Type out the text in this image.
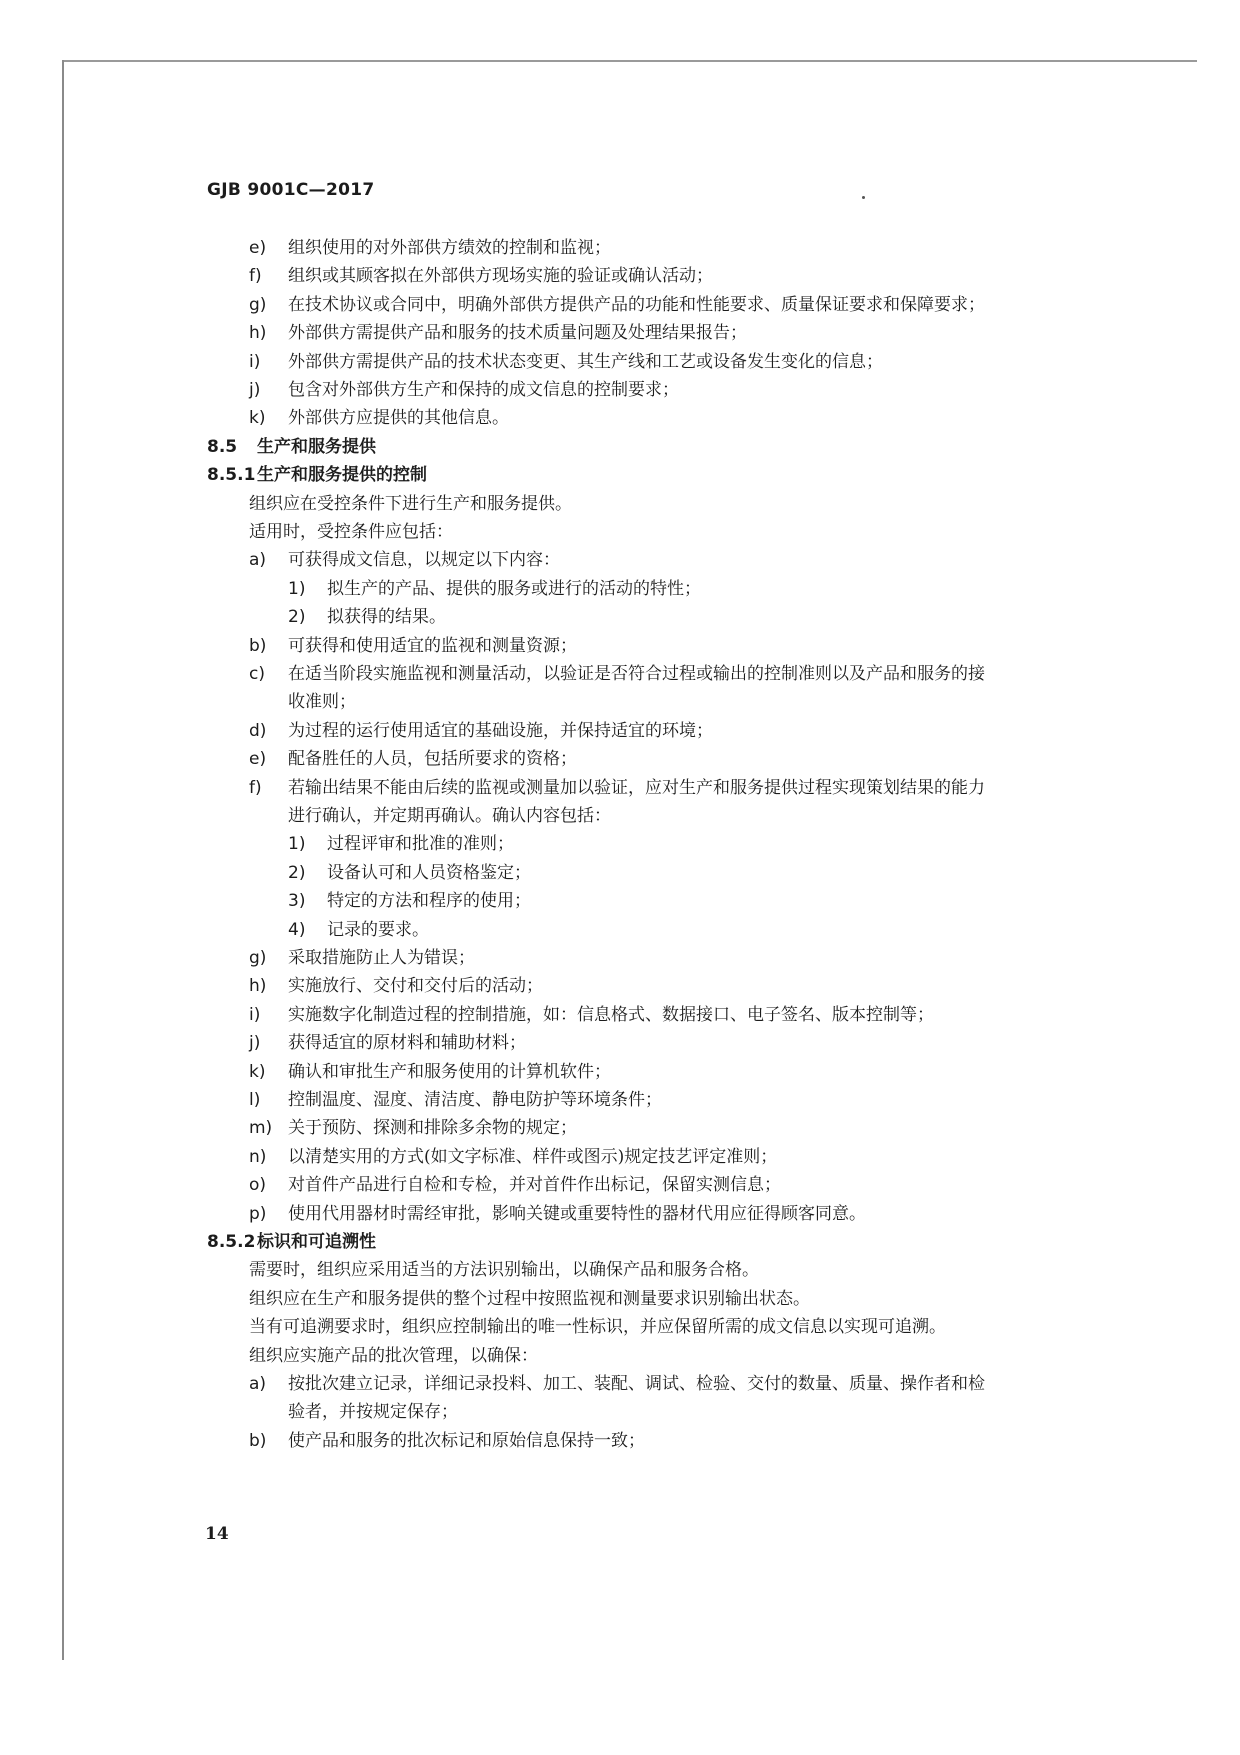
GJB 9001C—2017
e) 组织使用的对外部供方绩效的控制和监视；
f) 组织或其顾客拟在外部供方现场实施的验证或确认活动；
g) 在技术协议或合同中，明确外部供方提供产品的功能和性能要求、质量保证要求和保障要求；
h) 外部供方需提供产品和服务的技术质量问题及处理结果报告；
i) 外部供方需提供产品的技术状态变更、其生产线和工艺或设备发生变化的信息；
j) 包含对外部供方生产和保持的成文信息的控制要求；
k) 外部供方应提供的其他信息。
8.5 生产和服务提供
8.5.1 生产和服务提供的控制
组织应在受控条件下进行生产和服务提供。
适用时，受控条件应包括：
a) 可获得成文信息，以规定以下内容：
1) 拟生产的产品、提供的服务或进行的活动的特性；
2) 拟获得的结果。
b) 可获得和使用适宜的监视和测量资源；
c) 在适当阶段实施监视和测量活动，以验证是否符合过程或输出的控制准则以及产品和服务的接
收准则；
d) 为过程的运行使用适宜的基础设施，并保持适宜的环境；
e) 配备胜任的人员，包括所要求的资格；
f) 若输出结果不能由后续的监视或测量加以验证，应对生产和服务提供过程实现策划结果的能力
进行确认，并定期再确认。确认内容包括：
1) 过程评审和批准的准则；
2) 设备认可和人员资格鉴定；
3) 特定的方法和程序的使用；
4) 记录的要求。
g) 采取措施防止人为错误；
h) 实施放行、交付和交付后的活动；
i) 实施数字化制造过程的控制措施，如：信息格式、数据接口、电子签名、版本控制等；
j) 获得适宜的原材料和辅助材料；
k) 确认和审批生产和服务使用的计算机软件；
l) 控制温度、湿度、清洁度、静电防护等环境条件；
m) 关于预防、探测和排除多余物的规定；
n) 以清楚实用的方式(如文字标准、样件或图示)规定技艺评定准则；
o) 对首件产品进行自检和专检，并对首件作出标记，保留实测信息；
p) 使用代用器材时需经审批，影响关键或重要特性的器材代用应征得顾客同意。
8.5.2 标识和可追溯性
需要时，组织应采用适当的方法识别输出，以确保产品和服务合格。
组织应在生产和服务提供的整个过程中按照监视和测量要求识别输出状态。
当有可追溯要求时，组织应控制输出的唯一性标识，并应保留所需的成文信息以实现可追溯。
组织应实施产品的批次管理，以确保：
a) 按批次建立记录，详细记录投料、加工、装配、调试、检验、交付的数量、质量、操作者和检
验者，并按规定保存；
b) 使产品和服务的批次标记和原始信息保持一致；
14
